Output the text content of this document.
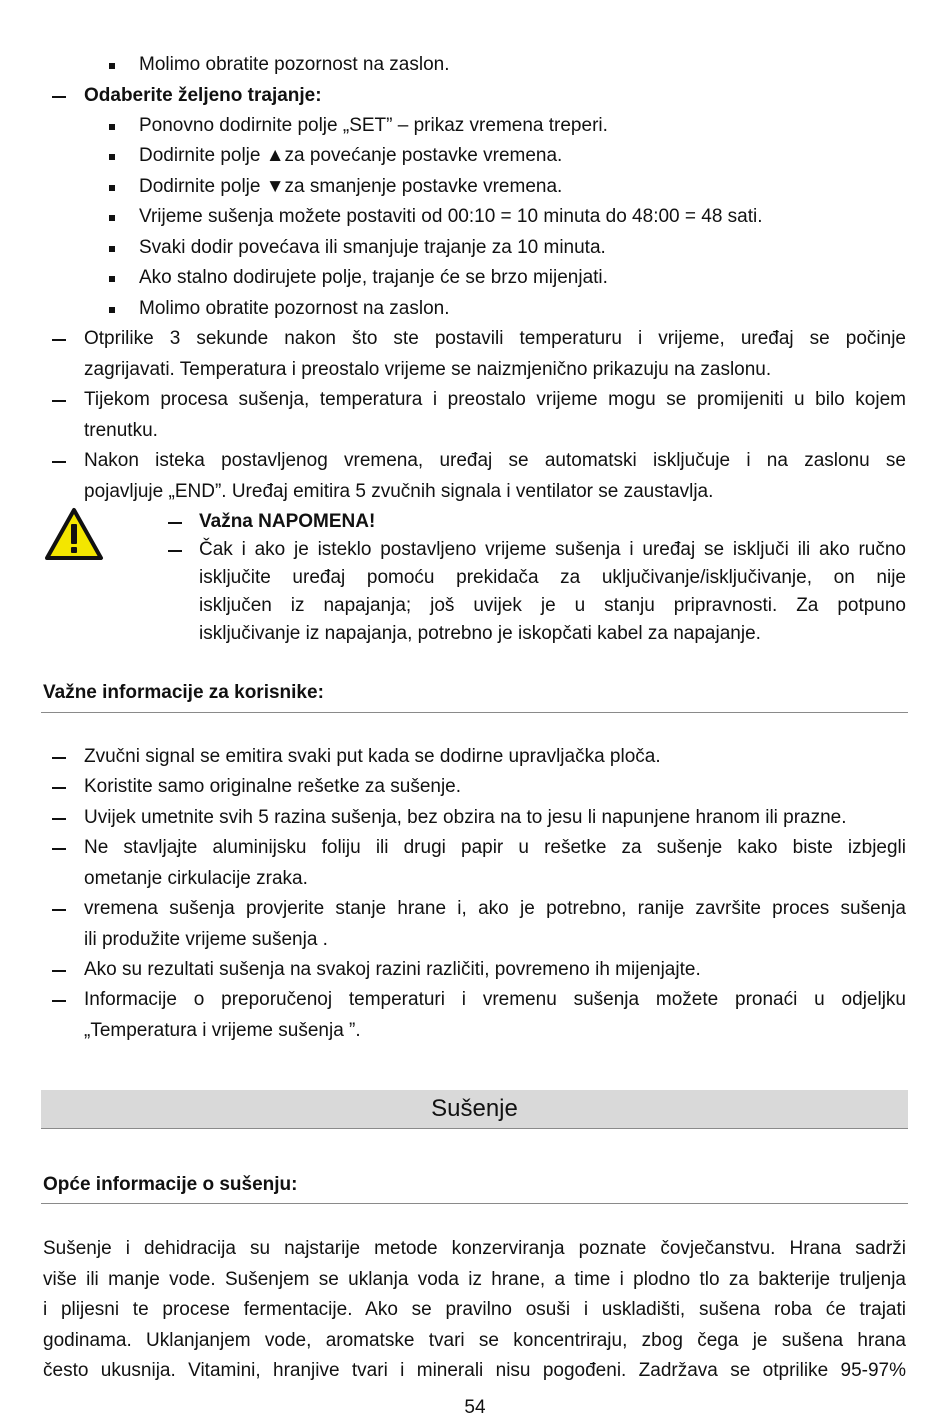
Molimo obratite pozornost na zaslon.
Odaberite željeno trajanje:
Ponovno dodirnite polje „SET” – prikaz vremena treperi.
Dodirnite polje ▲za povećanje postavke vremena.
Dodirnite polje ▼za smanjenje postavke vremena.
Vrijeme sušenja možete postaviti od 00:10 = 10 minuta do 48:00 = 48 sati.
Svaki dodir povećava ili smanjuje trajanje za 10 minuta.
Ako stalno dodirujete polje, trajanje će se brzo mijenjati.
Molimo obratite pozornost na zaslon.
Otprilike 3 sekunde nakon što ste postavili temperaturu i vrijeme, uređaj se počinje
zagrijavati. Temperatura i preostalo vrijeme se naizmjenično prikazuju na zaslonu.
Tijekom procesa sušenja, temperatura i preostalo vrijeme mogu se promijeniti u bilo kojem
trenutku.
Nakon isteka postavljenog vremena, uređaj se automatski isključuje i na zaslonu se
pojavljuje „END”. Uređaj emitira 5 zvučnih signala i ventilator se zaustavlja.
Važna NAPOMENA!
Čak i ako je isteklo postavljeno vrijeme sušenja i uređaj se isključi ili ako ručno
isključite uređaj pomoću prekidača za uključivanje/isključivanje, on nije
isključen iz napajanja; još uvijek je u stanju pripravnosti. Za potpuno
isključivanje iz napajanja, potrebno je iskopčati kabel za napajanje.
Važne informacije za korisnike:
Zvučni signal se emitira svaki put kada se dodirne upravljačka ploča.
Koristite samo originalne rešetke za sušenje.
Uvijek umetnite svih 5 razina sušenja, bez obzira na to jesu li napunjene hranom ili prazne.
Ne stavljajte aluminijsku foliju ili drugi papir u rešetke za sušenje kako biste izbjegli
ometanje cirkulacije zraka.
vremena sušenja provjerite stanje hrane i, ako je potrebno, ranije završite proces sušenja
ili produžite vrijeme sušenja .
Ako su rezultati sušenja na svakoj razini različiti, povremeno ih mijenjajte.
Informacije o preporučenoj temperaturi i vremenu sušenja možete pronaći u odjeljku
„Temperatura i vrijeme sušenja ”.
Sušenje
Opće informacije o sušenju:
Sušenje i dehidracija su najstarije metode konzerviranja poznate čovječanstvu. Hrana sadrži
više ili manje vode. Sušenjem se uklanja voda iz hrane, a time i plodno tlo za bakterije truljenja
i plijesni te procese fermentacije. Ako se pravilno osuši i uskladišti, sušena roba će trajati
godinama. Uklanjanjem vode, aromatske tvari se koncentriraju, zbog čega je sušena hrana
često ukusnija. Vitamini, hranjive tvari i minerali nisu pogođeni. Zadržava se otprilike 95-97%
54
